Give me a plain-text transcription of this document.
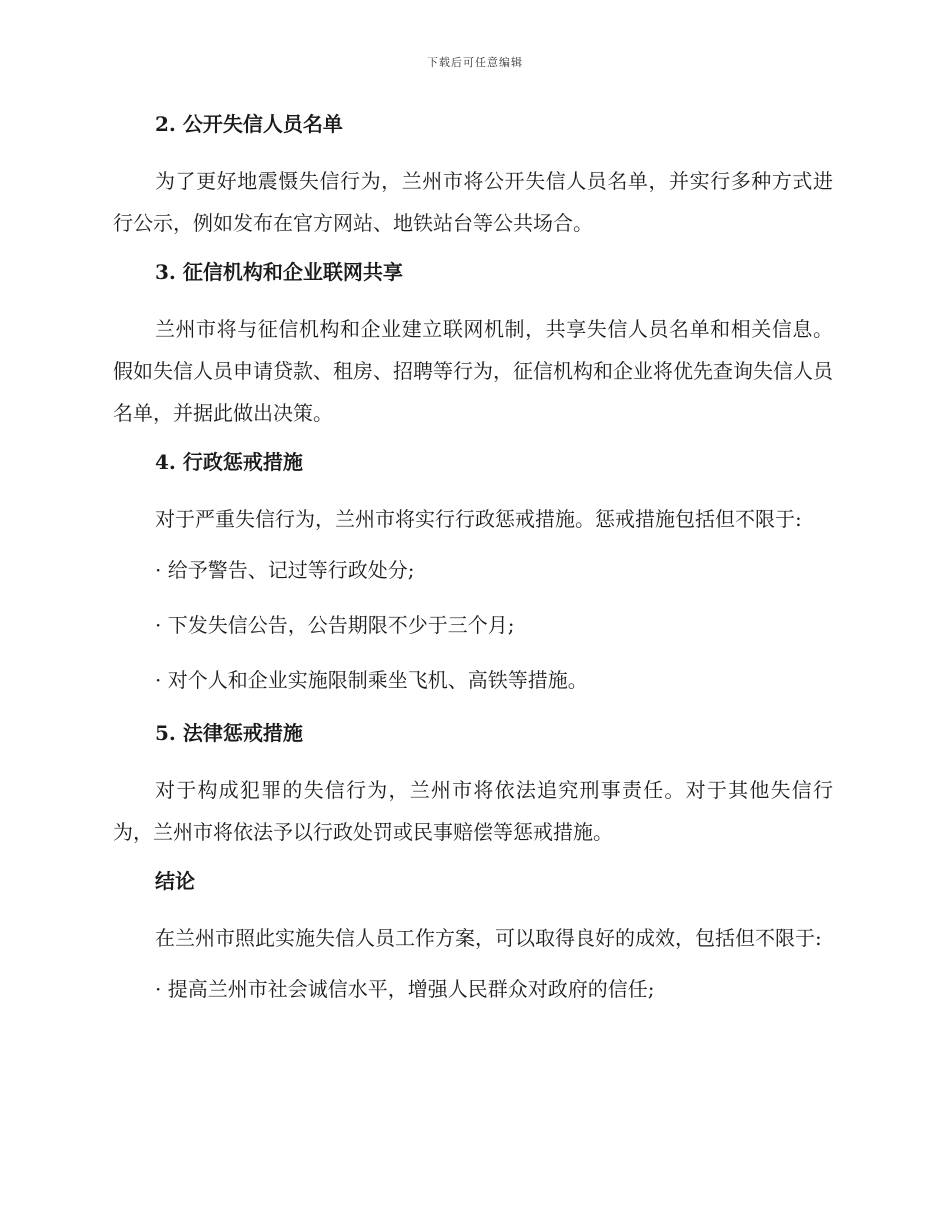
下载后可任意编辑
2. 公开失信人员名单

为了更好地震慑失信行为，兰州市将公开失信人员名单，并实行多种方式进行公示，例如发布在官方网站、地铁站台等公共场合。

3. 征信机构和企业联网共享

兰州市将与征信机构和企业建立联网机制，共享失信人员名单和相关信息。假如失信人员申请贷款、租房、招聘等行为，征信机构和企业将优先查询失信人员名单，并据此做出决策。

4. 行政惩戒措施

对于严重失信行为，兰州市将实行行政惩戒措施。惩戒措施包括但不限于:

· 给予警告、记过等行政处分;
· 下发失信公告，公告期限不少于三个月;
· 对个人和企业实施限制乘坐飞机、高铁等措施。
5. 法律惩戒措施

对于构成犯罪的失信行为，兰州市将依法追究刑事责任。对于其他失信行为，兰州市将依法予以行政处罚或民事赔偿等惩戒措施。

结论

在兰州市照此实施失信人员工作方案，可以取得良好的成效，包括但不限于:

· 提高兰州市社会诚信水平，增强人民群众对政府的信任;
